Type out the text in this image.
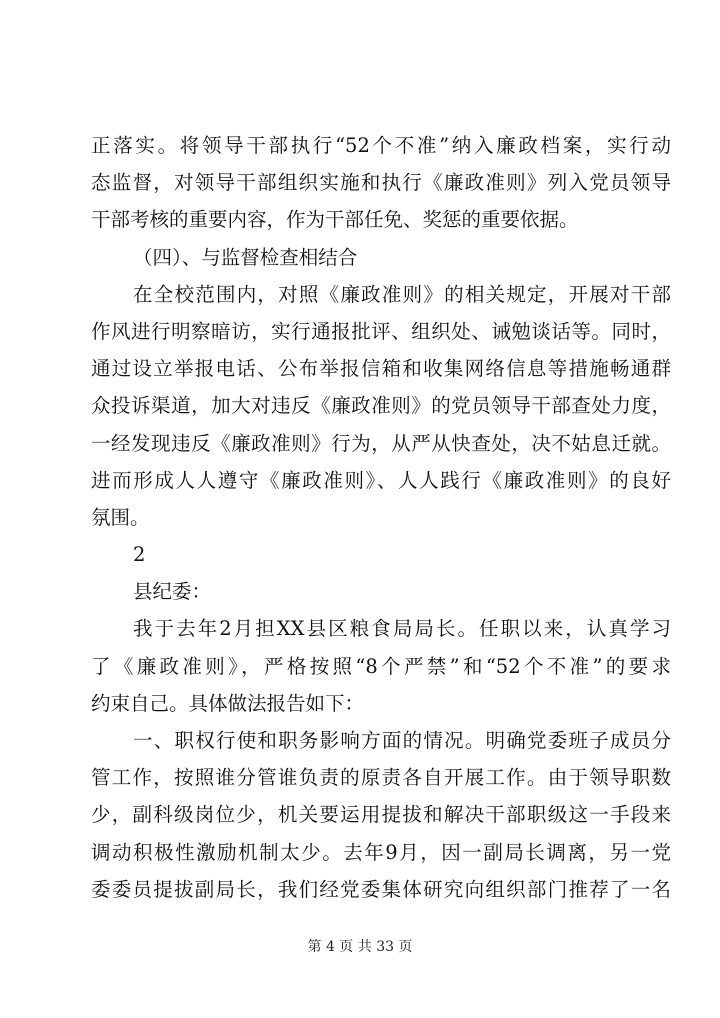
正落实。将领导干部执行“52个不准”纳入廉政档案，实行动
态监督，对领导干部组织实施和执行《廉政准则》列入党员领导
干部考核的重要内容，作为干部任免、奖惩的重要依据。
（四）、与监督检查相结合
在全校范围内，对照《廉政准则》的相关规定，开展对干部
作风进行明察暗访，实行通报批评、组织处、诫勉谈话等。同时，
通过设立举报电话、公布举报信箱和收集网络信息等措施畅通群
众投诉渠道，加大对违反《廉政准则》的党员领导干部查处力度，
一经发现违反《廉政准则》行为，从严从快查处，决不姑息迁就。
进而形成人人遵守《廉政准则》、人人践行《廉政准则》的良好
氛围。
2
县纪委：
我于去年2月担XX县区粮食局局长。任职以来，认真学习
了《廉政准则》，严格按照“8个严禁”和“52个不准”的要求
约束自己。具体做法报告如下：
一、职权行使和职务影响方面的情况。明确党委班子成员分
管工作，按照谁分管谁负责的原责各自开展工作。由于领导职数
少，副科级岗位少，机关要运用提拔和解决干部职级这一手段来
调动积极性激励机制太少。去年9月，因一副局长调离，另一党
委委员提拔副局长，我们经党委集体研究向组织部门推荐了一名
第 4 页 共 33 页
